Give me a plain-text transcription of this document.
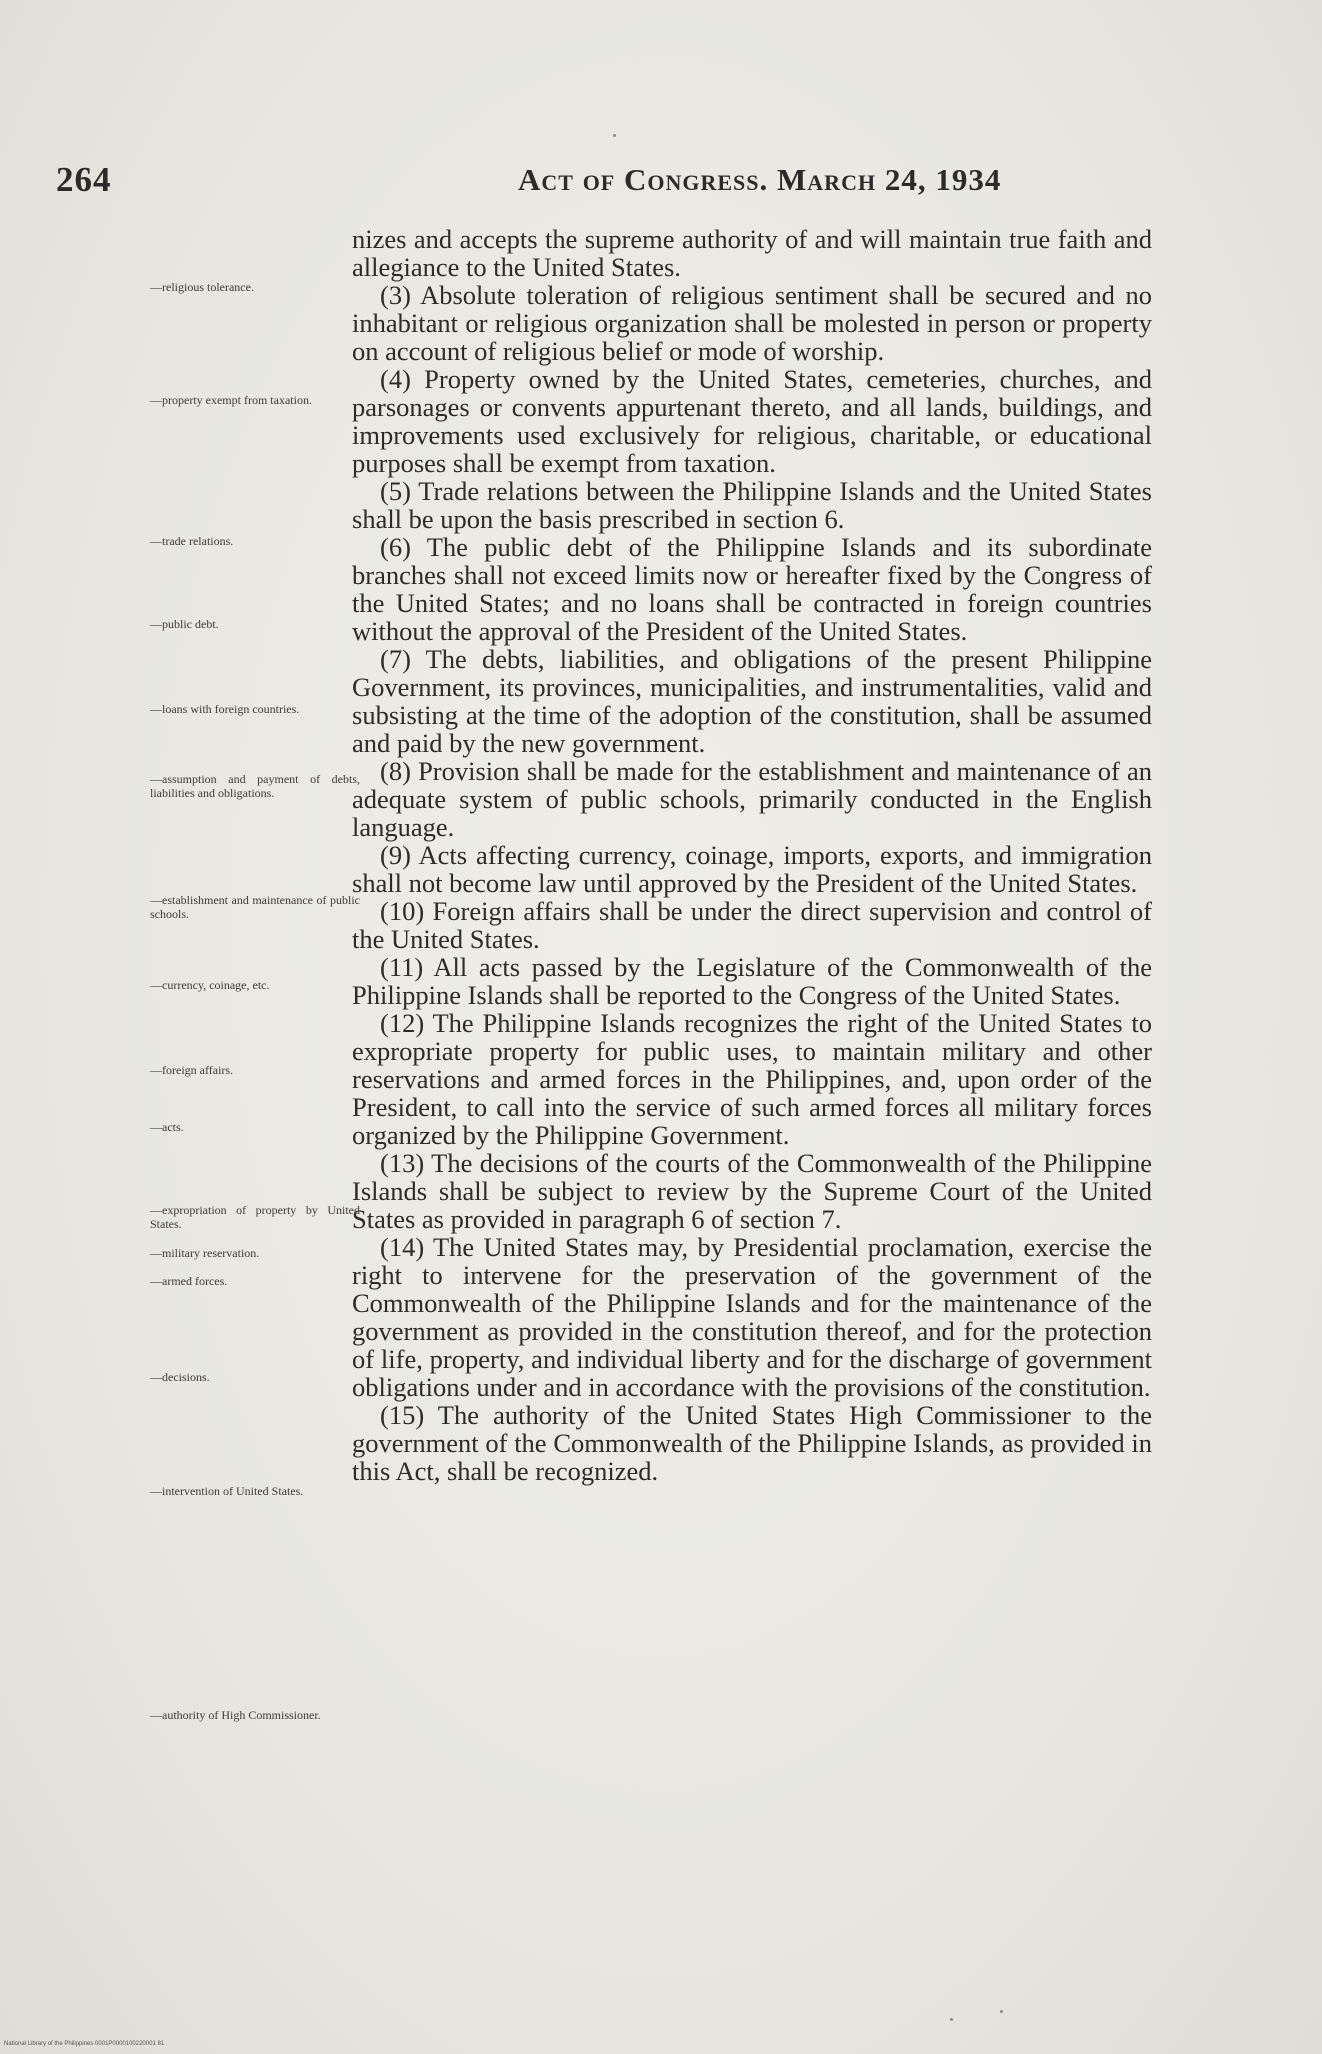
264	Act of Congress. March 24, 1934

nizes and accepts the supreme authority of and will maintain true faith and allegiance to the United States.

(3) Absolute toleration of religious sentiment shall be secured and no inhabitant or religious organization shall be molested in person or property on account of religious belief or mode of worship.

(4) Property owned by the United States, cemeteries, churches, and parsonages or convents appurtenant thereto, and all lands, buildings, and improvements used exclusively for religious, charitable, or educational purposes shall be exempt from taxation.

(5) Trade relations between the Philippine Islands and the United States shall be upon the basis prescribed in section 6.

(6) The public debt of the Philippine Islands and its subordinate branches shall not exceed limits now or hereafter fixed by the Congress of the United States; and no loans shall be contracted in foreign countries without the approval of the President of the United States.

(7) The debts, liabilities, and obligations of the present Philippine Government, its provinces, municipalities, and instrumentalities, valid and subsisting at the time of the adoption of the constitution, shall be assumed and paid by the new government.

(8) Provision shall be made for the establishment and maintenance of an adequate system of public schools, primarily conducted in the English language.

(9) Acts affecting currency, coinage, imports, exports, and immigration shall not become law until approved by the President of the United States.

(10) Foreign affairs shall be under the direct supervision and control of the United States.

(11) All acts passed by the Legislature of the Commonwealth of the Philippine Islands shall be reported to the Congress of the United States.

(12) The Philippine Islands recognizes the right of the United States to expropriate property for public uses, to maintain military and other reservations and armed forces in the Philippines, and, upon order of the President, to call into the service of such armed forces all military forces organized by the Philippine Government.

(13) The decisions of the courts of the Commonwealth of the Philippine Islands shall be subject to review by the Supreme Court of the United States as provided in paragraph 6 of section 7.

(14) The United States may, by Presidential proclamation, exercise the right to intervene for the preservation of the government of the Commonwealth of the Philippine Islands and for the maintenance of the government as provided in the constitution thereof, and for the protection of life, property, and individual liberty and for the discharge of government obligations under and in accordance with the provisions of the constitution.

(15) The authority of the United States High Commissioner to the government of the Commonwealth of the Philippine Islands, as provided in this Act, shall be recognized.

—religious tolerance.
—property exempt from taxation.
—trade relations.
—public debt.
—loans with foreign countries.
—assumption and payment of debts, liabilities and obligations.
—establishment and maintenance of public schools.
—currency, coinage, etc.
—foreign affairs.
—acts.
—expropriation of property by United States.
—military reservation.
—armed forces.
—decisions.
—intervention of United States.
—authority of High Commissioner.
National Library of the Philippines 0001P0000100220001 81
